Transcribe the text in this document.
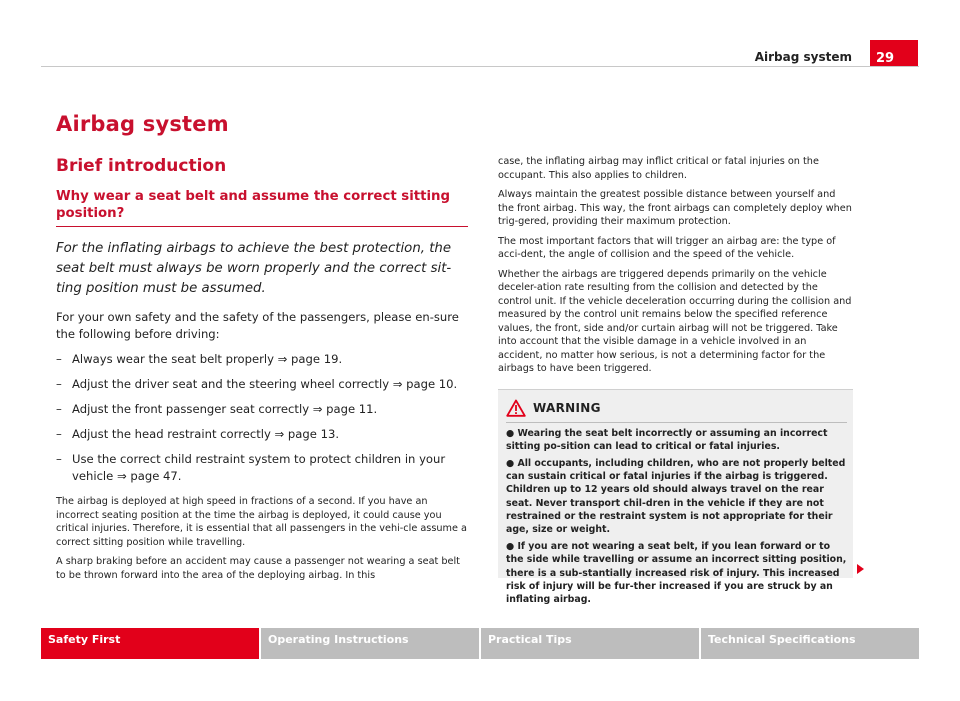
Airbag system	29
Airbag system
Brief introduction
Why wear a seat belt and assume the correct sitting position?

For the inflating airbags to achieve the best protection, the seat belt must always be worn properly and the correct sit-ting position must be assumed.

For your own safety and the safety of the passengers, please en-sure the following before driving:

– Always wear the seat belt properly ⇒ page 19.
– Adjust the driver seat and the steering wheel correctly ⇒ page 10.
– Adjust the front passenger seat correctly ⇒ page 11.
– Adjust the head restraint correctly ⇒ page 13.
– Use the correct child restraint system to protect children in your vehicle ⇒ page 47.

The airbag is deployed at high speed in fractions of a second. If you have an incorrect seating position at the time the airbag is deployed, it could cause you critical injuries. Therefore, it is essential that all passengers in the vehi-cle assume a correct sitting position while travelling.

A sharp braking before an accident may cause a passenger not wearing a seat belt to be thrown forward into the area of the deploying airbag. In this

case, the inflating airbag may inflict critical or fatal injuries on the occupant. This also applies to children.

Always maintain the greatest possible distance between yourself and the front airbag. This way, the front airbags can completely deploy when trig-gered, providing their maximum protection.

The most important factors that will trigger an airbag are: the type of acci-dent, the angle of collision and the speed of the vehicle.

Whether the airbags are triggered depends primarily on the vehicle deceler-ation rate resulting from the collision and detected by the control unit. If the vehicle deceleration occurring during the collision and measured by the control unit remains below the specified reference values, the front, side and/or curtain airbag will not be triggered. Take into account that the visible damage in a vehicle involved in an accident, no matter how serious, is not a determining factor for the airbags to have been triggered.

WARNING

● Wearing the seat belt incorrectly or assuming an incorrect sitting po-sition can lead to critical or fatal injuries.

● All occupants, including children, who are not properly belted can sustain critical or fatal injuries if the airbag is triggered. Children up to 12 years old should always travel on the rear seat. Never transport chil-dren in the vehicle if they are not restrained or the restraint system is not appropriate for their age, size or weight.

● If you are not wearing a seat belt, if you lean forward or to the side while travelling or assume an incorrect sitting position, there is a sub-stantially increased risk of injury. This increased risk of injury will be fur-ther increased if you are struck by an inflating airbag.

Safety First	Operating Instructions	Practical Tips	Technical Specifications
